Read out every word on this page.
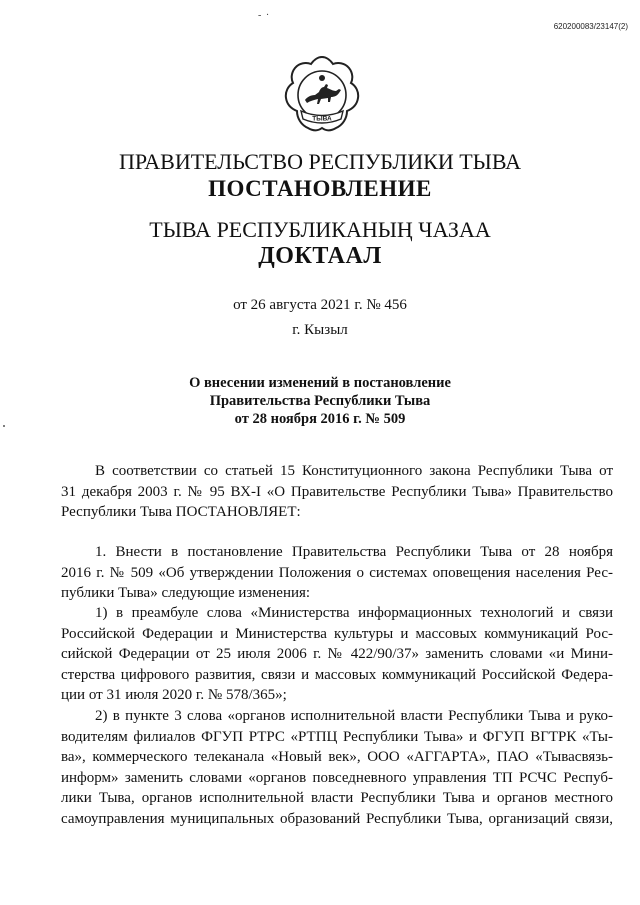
620200083/23147(2)
- ·
ТЫВА
ПРАВИТЕЛЬСТВО РЕСПУБЛИКИ ТЫВА
ПОСТАНОВЛЕНИЕ
ТЫВА РЕСПУБЛИКАНЫҢ ЧАЗАА
ДОКТААЛ
от 26 августа 2021 г. № 456
г. Кызыл
О внесении изменений в постановление
Правительства Республики Тыва
от 28 ноября 2016 г. № 509
В соответствии со статьей 15 Конституционного закона Республики Тыва от
31 декабря 2003 г. № 95 ВХ-I «О Правительстве Республики Тыва» Правительство
Республики Тыва ПОСТАНОВЛЯЕТ:
1. Внести в постановление Правительства Республики Тыва от 28 ноября
2016 г. № 509 «Об утверждении Положения о системах оповещения населения Рес-
публики Тыва» следующие изменения:
1) в преамбуле слова «Министерства информационных технологий и связи
Российской Федерации и Министерства культуры и массовых коммуникаций Рос-
сийской Федерации от 25 июля 2006 г. № 422/90/37» заменить словами «и Мини-
стерства цифрового развития, связи и массовых коммуникаций Российской Федера-
ции от 31 июля 2020 г. № 578/365»;
2) в пункте 3 слова «органов исполнительной власти Республики Тыва и руко-
водителям филиалов ФГУП РТРС «РТПЦ Республики Тыва» и ФГУП ВГТРК «Ты-
ва», коммерческого телеканала «Новый век», ООО «АГГАРТА», ПАО «Тывасвязь-
информ» заменить словами «органов повседневного управления ТП РСЧС Респуб-
лики Тыва, органов исполнительной власти Республики Тыва и органов местного
самоуправления муниципальных образований Республики Тыва, организаций связи,
